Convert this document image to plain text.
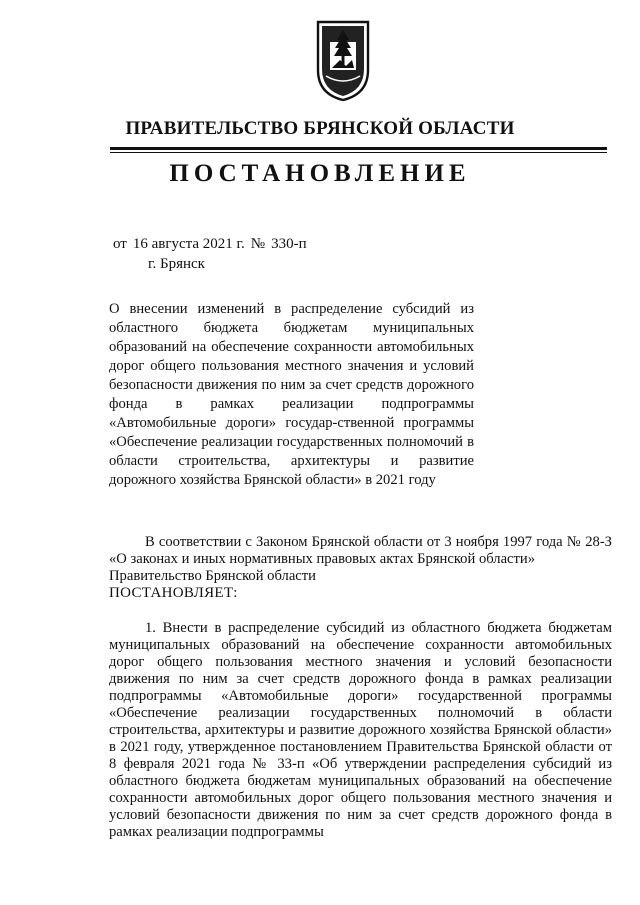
ПРАВИТЕЛЬСТВО БРЯНСКОЙ ОБЛАСТИ
ПОСТАНОВЛЕНИЕ
от 16 августа 2021 г. № 330-п
г. Брянск
О внесении изменений в распределение субсидий из областного бюджета бюджетам муниципальных образований на обеспечение сохранности автомобильных дорог общего пользования местного значения и условий безопасности движения по ним за счет средств дорожного фонда в рамках реализации подпрограммы «Автомобильные дороги» государ-ственной программы «Обеспечение реализации государственных полномочий в области строительства, архитектуры и развитие дорожного хозяйства Брянской области» в 2021 году

В соответствии с Законом Брянской области от 3 ноября 1997 года № 28-З «О законах и иных нормативных правовых актах Брянской области»

Правительство Брянской области

ПОСТАНОВЛЯЕТ:

1. Внести в распределение субсидий из областного бюджета бюджетам муниципальных образований на обеспечение сохранности автомобильных дорог общего пользования местного значения и условий безопасности движения по ним за счет средств дорожного фонда в рамках реализации подпрограммы «Автомобильные дороги» государственной программы «Обеспечение реализации государственных полномочий в области строительства, архитектуры и развитие дорожного хозяйства Брянской области» в 2021 году, утвержденное постановлением Правительства Брянской области от 8 февраля 2021 года № 33-п «Об утверждении распределения субсидий из областного бюджета бюджетам муниципальных образований на обеспечение сохранности автомобильных дорог общего пользования местного значения и условий безопасности движения по ним за счет средств дорожного фонда в рамках реализации подпрограммы
